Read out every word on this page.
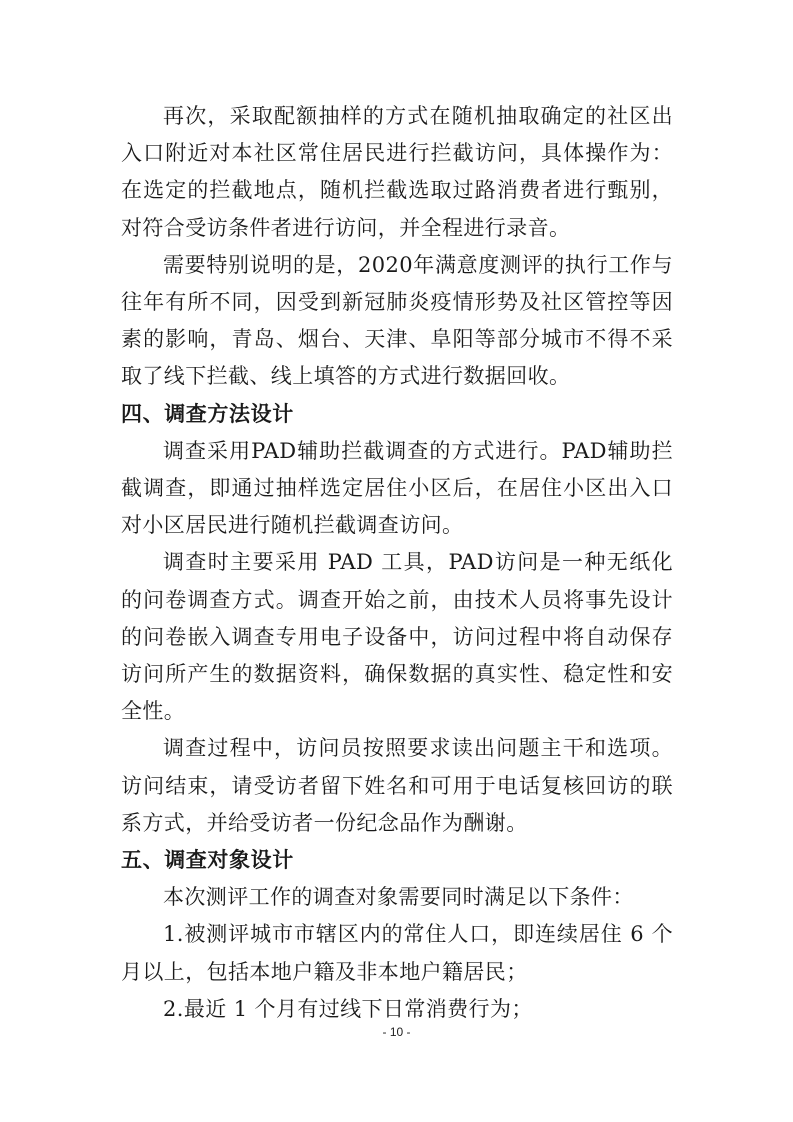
再次，采取配额抽样的方式在随机抽取确定的社区出入口附近对本社区常住居民进行拦截访问，具体操作为：在选定的拦截地点，随机拦截选取过路消费者进行甄别，对符合受访条件者进行访问，并全程进行录音。

需要特别说明的是，2020年满意度测评的执行工作与往年有所不同，因受到新冠肺炎疫情形势及社区管控等因素的影响，青岛、烟台、天津、阜阳等部分城市不得不采取了线下拦截、线上填答的方式进行数据回收。

四、调查方法设计

调查采用PAD辅助拦截调查的方式进行。PAD辅助拦截调查，即通过抽样选定居住小区后，在居住小区出入口对小区居民进行随机拦截调查访问。

调查时主要采用 PAD 工具，PAD访问是一种无纸化的问卷调查方式。调查开始之前，由技术人员将事先设计的问卷嵌入调查专用电子设备中，访问过程中将自动保存访问所产生的数据资料，确保数据的真实性、稳定性和安全性。

调查过程中，访问员按照要求读出问题主干和选项。访问结束，请受访者留下姓名和可用于电话复核回访的联系方式，并给受访者一份纪念品作为酬谢。

五、调查对象设计

本次测评工作的调查对象需要同时满足以下条件：

1.被测评城市市辖区内的常住人口，即连续居住 6 个月以上，包括本地户籍及非本地户籍居民；

2.最近 1 个月有过线下日常消费行为；

- 10 -
